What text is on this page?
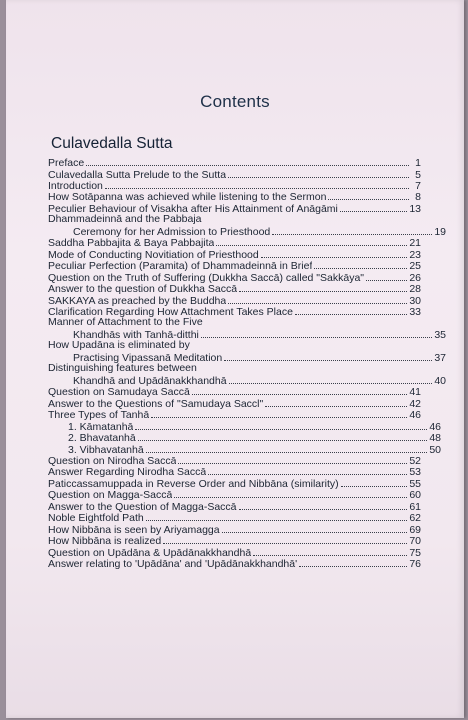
Contents
Culavedalla Sutta
Preface	1
Culavedalla Sutta Prelude to the Sutta	5
Introduction	7
How Sotāpanna was achieved while listening to the Sermon	8
Peculier Behaviour of Visakha after His Attainment of Anāgāmi	13
Dhammadeinnā and the Pabbaja
Ceremony for her Admission to Priesthood	19
Saddha Pabbajita & Baya Pabbajita	21
Mode of Conducting Novitiation of Priesthood	23
Peculiar Perfection (Paramita) of Dhammadeinnā in Brief	25
Question on the Truth of Suffering (Dukkha Saccā) called "Sakkāya"	26
Answer to the question of Dukkha Saccā	28
SAKKAYA as preached by the Buddha	30
Clarification Regarding How Attachment Takes Place	33
Manner of Attachment to the Five
Khandhās with Tanhā-ditthi	35
How Upadāna is eliminated by
Practising Vipassanā Meditation	37
Distinguishing features between
Khandhā and Upādānakkhandhā	40
Question on Samudaya Saccā	41
Answer to the Questions of "Samudaya Saccl"	42
Three Types of Tanhā	46
1. Kāmatanhā	46
2. Bhavatanhā	48
3. Vibhavatanhā	50
Question on Nirodha Saccā	52
Answer Regarding Nirodha Saccā	53
Paticcassamuppada in Reverse Order and Nibbāna (similarity)	55
Question on Magga-Saccā	60
Answer to the Question of Magga-Saccā	61
Noble Eightfold Path	62
How Nibbāna is seen by Ariyamagga	69
How Nibbāna is realized	70
Question on Upādāna & Upādānakkhandhā	75
Answer relating to 'Upādāna' and 'Upādānakkhandhā'	76
